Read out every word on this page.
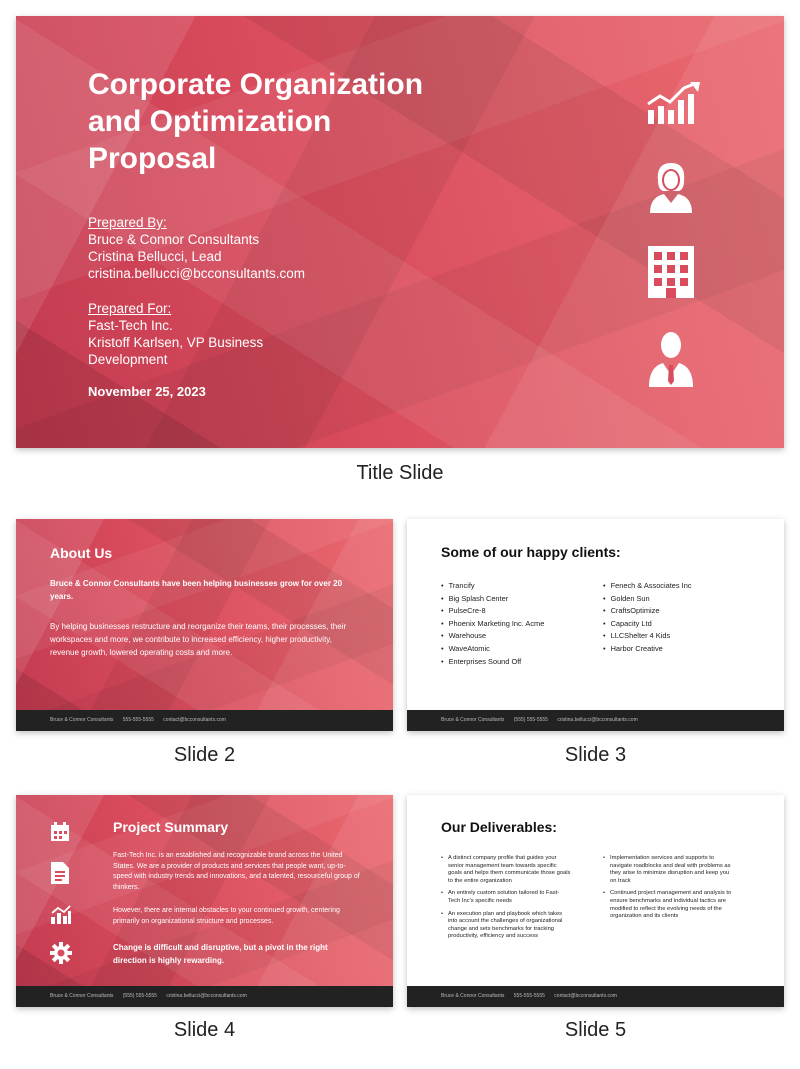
Corporate Organization and Optimization Proposal
Prepared By:
Bruce & Connor Consultants
Cristina Bellucci, Lead
cristina.bellucci@bcconsultants.com
Prepared For:
Fast-Tech Inc.
Kristoff Karlsen, VP Business Development
November 25, 2023
Title Slide
About Us
Bruce & Connor Consultants have been helping businesses grow for over 20 years.
By helping businesses restructure and reorganize their teams, their processes, their workspaces and more, we contribute to increased efficiency, higher productivity, revenue growth, lowered operating costs and more.
Bruce & Connor Consultants 555-555-5555 contact@bcconsultants.com
Slide 2
Some of our happy clients:
• Trancify
• Big Splash Center
• PulseCre-8
• Phoenix Marketing Inc. Acme
• Warehouse
• WaveAtomic
• Enterprises Sound Off
• Fenech & Associates Inc
• Golden Sun
• CraftsOptimize
• Capacity Ltd
• LLCShelter 4 Kids
• Harbor Creative
Bruce & Connor Consultants (555) 555-5555 cristina.bellucci@bcconsultants.com
Slide 3
Project Summary
Fast-Tech Inc. is an established and recognizable brand across the United States. We are a provider of products and services that people want, up-to-speed with industry trends and innovations, and a talented, resourceful group of thinkers.
However, there are internal obstacles to your continued growth, centering primarily on organizational structure and processes.
Change is difficult and disruptive, but a pivot in the right direction is highly rewarding.
Bruce & Connor Consultants (555) 555-5555 cristina.bellucci@bcconsultants.com
Slide 4
Our Deliverables:
• A distinct company profile that guides your senior management team towards specific goals and helps them communicate those goals to the entire organization
• An entirely custom solution tailored to Fast-Tech Inc's specific needs
• An execution plan and playbook which takes into account the challenges of organizational change and sets benchmarks for tracking productivity, efficiency and success
• Implementation services and supports to navigate roadblocks and deal with problems as they arise to minimize disruption and keep you on track
• Continued project management and analysis to ensure benchmarks and individual tactics are modified to reflect the evolving needs of the organization and its clients
Bruce & Connor Consultants 555-555-5555 contact@bcconsultants.com
Slide 5
